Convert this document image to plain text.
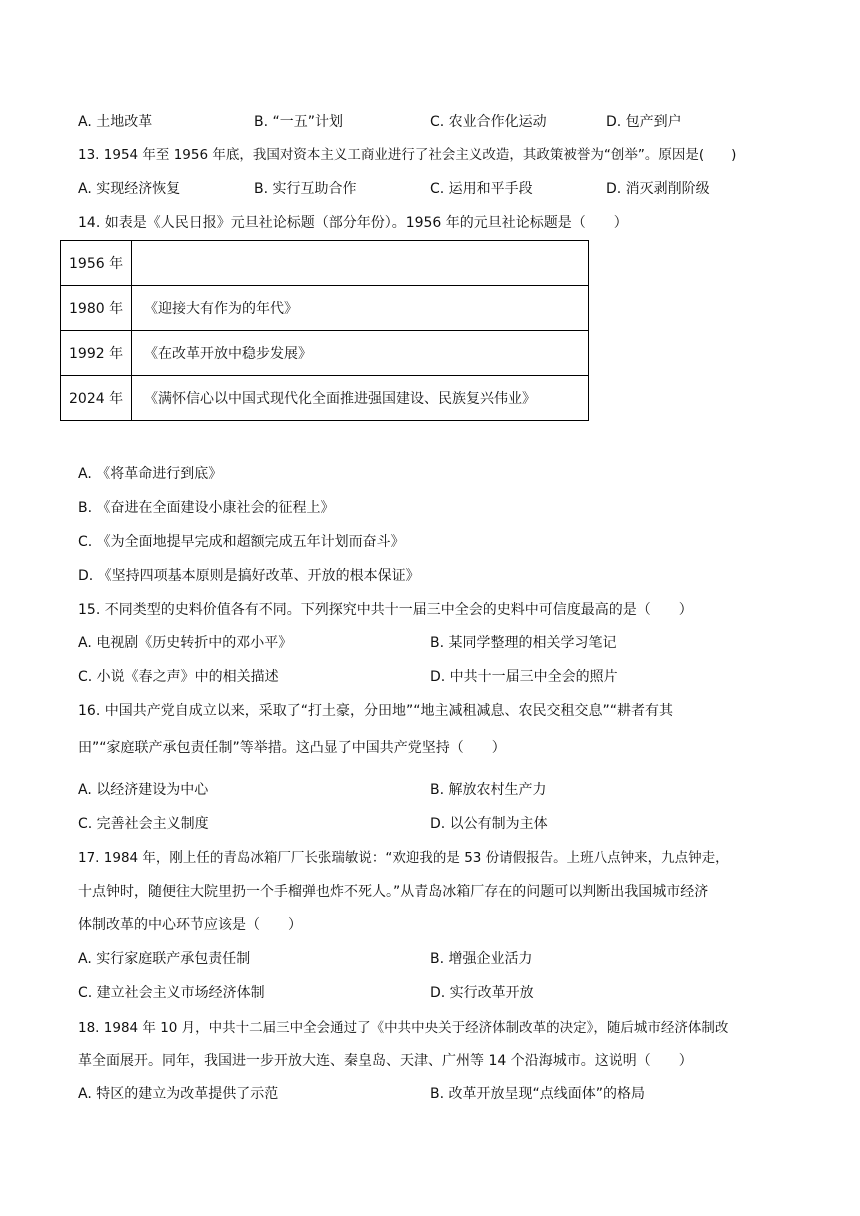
A. 土地改革	B. “一五”计划	C. 农业合作化运动	D. 包产到户
13. 1954 年至 1956 年底，我国对资本主义工商业进行了社会主义改造，其政策被誉为“创举”。原因是(　　)
A. 实现经济恢复	B. 实行互助合作	C. 运用和平手段	D. 消灭剥削阶级
14. 如表是《人民日报》元旦社论标题（部分年份）。1956 年的元旦社论标题是（　　）
1956 年	
1980 年	《迎接大有作为的年代》
1992 年	《在改革开放中稳步发展》
2024 年	《满怀信心以中国式现代化全面推进强国建设、民族复兴伟业》
A. 《将革命进行到底》
B. 《奋进在全面建设小康社会的征程上》
C. 《为全面地提早完成和超额完成五年计划而奋斗》
D. 《坚持四项基本原则是搞好改革、开放的根本保证》
15. 不同类型的史料价值各有不同。下列探究中共十一届三中全会的史料中可信度最高的是（　　）
A. 电视剧《历史转折中的邓小平》	B. 某同学整理的相关学习笔记
C. 小说《春之声》中的相关描述	D. 中共十一届三中全会的照片
16. 中国共产党自成立以来，采取了“打土豪，分田地”“地主减租减息、农民交租交息”“耕者有其
田”“家庭联产承包责任制”等举措。这凸显了中国共产党坚持（　　）
A. 以经济建设为中心	B. 解放农村生产力
C. 完善社会主义制度	D. 以公有制为主体
17. 1984 年，刚上任的青岛冰箱厂厂长张瑞敏说：“欢迎我的是 53 份请假报告。上班八点钟来，九点钟走，
十点钟时，随便往大院里扔一个手榴弹也炸不死人。”从青岛冰箱厂存在的问题可以判断出我国城市经济
体制改革的中心环节应该是（　　）
A. 实行家庭联产承包责任制	B. 增强企业活力
C. 建立社会主义市场经济体制	D. 实行改革开放
18. 1984 年 10 月，中共十二届三中全会通过了《中共中央关于经济体制改革的决定》，随后城市经济体制改
革全面展开。同年，我国进一步开放大连、秦皇岛、天津、广州等 14 个沿海城市。这说明（　　）
A. 特区的建立为改革提供了示范	B. 改革开放呈现“点线面体”的格局
